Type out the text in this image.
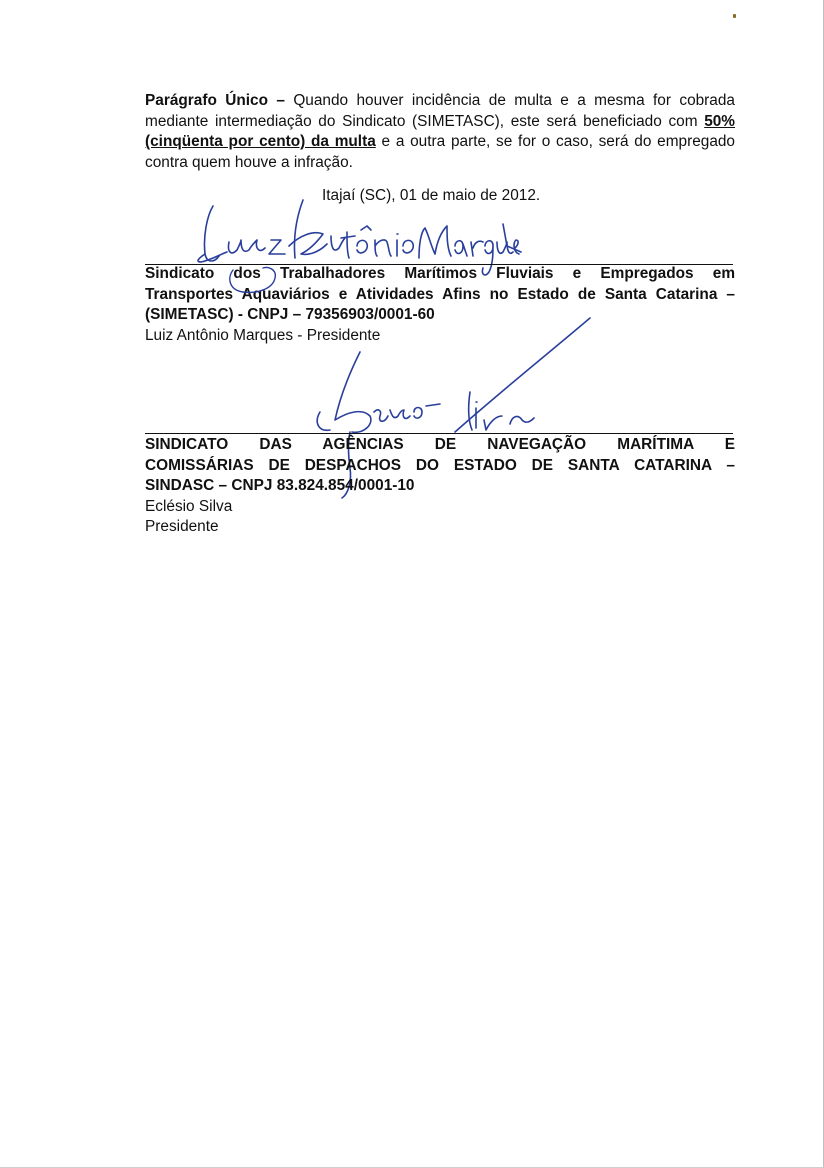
Parágrafo Único – Quando houver incidência de multa e a mesma for cobrada mediante intermediação do Sindicato (SIMETASC), este será beneficiado com 50% (cinqüenta por cento) da multa e a outra parte, se for o caso, será do empregado contra quem houve a infração.
Itajaí (SC), 01 de maio de 2012.
Sindicato dos Trabalhadores Marítimos Fluviais e Empregados em
Transportes Aquaviários e Atividades Afins no Estado de Santa Catarina –
(SIMETASC) - CNPJ – 79356903/0001-60
Luiz Antônio Marques - Presidente
SINDICATO DAS AGÊNCIAS DE NAVEGAÇÃO MARÍTIMA E
COMISSÁRIAS DE DESPACHOS DO ESTADO DE SANTA CATARINA –
SINDASC – CNPJ 83.824.854/0001-10
Eclésio Silva
Presidente
